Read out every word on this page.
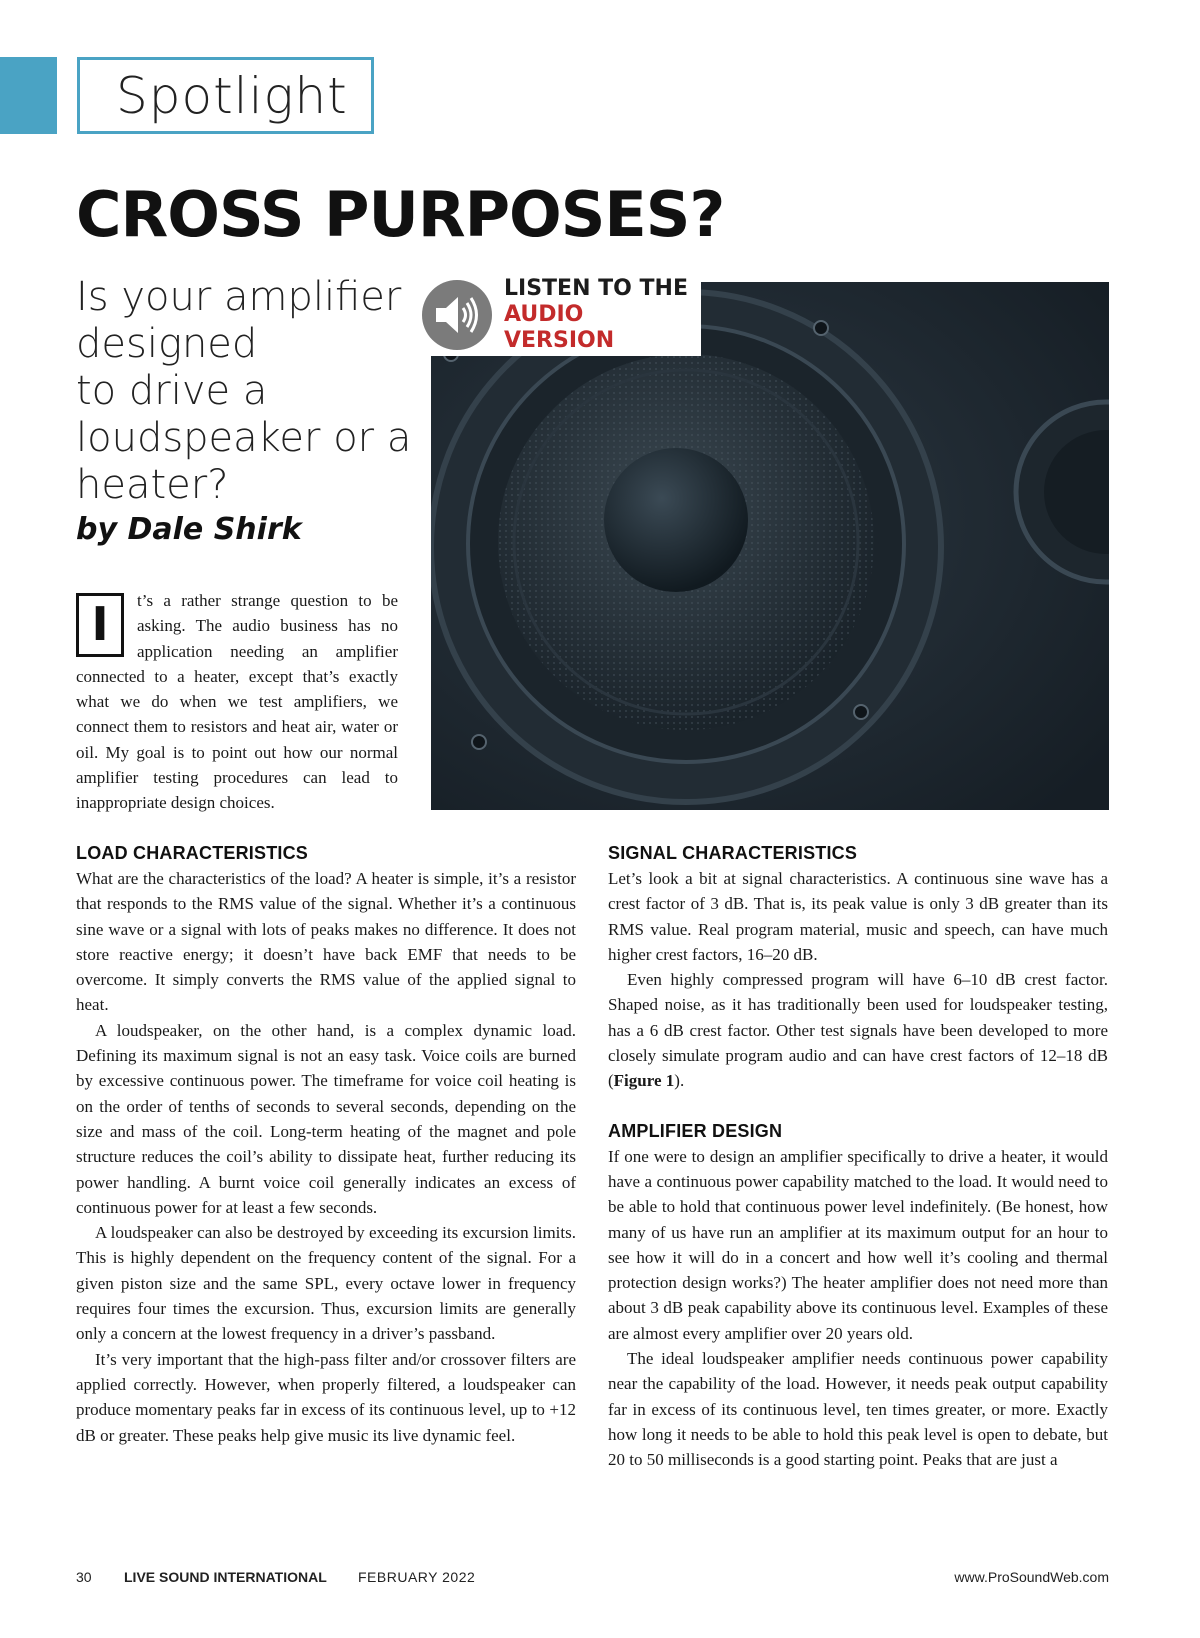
Spotlight
CROSS PURPOSES?
Is your amplifier
designed
to drive a
loudspeaker or a
heater?
by Dale Shirk
I	t’s a rather strange question to be asking. The audio business has no application needing an amplifier connected to a heater, except that’s exactly what we do when we test amplifiers, we connect them to resistors and heat air, water or oil. My goal is to point out how our normal amplifier testing procedures can lead to inappropriate design choices.
LISTEN TO THE
AUDIO VERSION
LOAD CHARACTERISTICS

What are the characteristics of the load? A heater is simple, it’s a resistor that responds to the RMS value of the signal. Whether it’s a continuous sine wave or a signal with lots of peaks makes no difference. It does not store reactive energy; it doesn’t have back EMF that needs to be overcome. It simply converts the RMS value of the applied signal to heat.

A loudspeaker, on the other hand, is a complex dynamic load. Defining its maximum signal is not an easy task. Voice coils are burned by excessive continuous power. The timeframe for voice coil heating is on the order of tenths of seconds to several seconds, depending on the size and mass of the coil. Long-term heating of the magnet and pole structure reduces the coil’s ability to dissipate heat, further reducing its power handling. A burnt voice coil generally indicates an excess of continuous power for at least a few seconds.

A loudspeaker can also be destroyed by exceeding its excursion limits. This is highly dependent on the frequency content of the signal. For a given piston size and the same SPL, every octave lower in frequency requires four times the excursion. Thus, excursion limits are generally only a concern at the lowest frequency in a driver’s passband.

It’s very important that the high-pass filter and/or crossover filters are applied correctly. However, when properly filtered, a loudspeaker can produce momentary peaks far in excess of its continuous level, up to +12 dB or greater. These peaks help give music its live dynamic feel.

SIGNAL CHARACTERISTICS

Let’s look a bit at signal characteristics. A continuous sine wave has a crest factor of 3 dB. That is, its peak value is only 3 dB greater than its RMS value. Real program material, music and speech, can have much higher crest factors, 16–20 dB.

Even highly compressed program will have 6–10 dB crest factor. Shaped noise, as it has traditionally been used for loudspeaker testing, has a 6 dB crest factor. Other test signals have been developed to more closely simulate program audio and can have crest factors of 12–18 dB (Figure 1).

AMPLIFIER DESIGN

If one were to design an amplifier specifically to drive a heater, it would have a continuous power capability matched to the load. It would need to be able to hold that continuous power level indefinitely. (Be honest, how many of us have run an amplifier at its maximum output for an hour to see how it will do in a concert and how well it’s cooling and thermal protection design works?) The heater amplifier does not need more than about 3 dB peak capability above its continuous level. Examples of these are almost every amplifier over 20 years old.

The ideal loudspeaker amplifier needs continuous power capability near the capability of the load. However, it needs peak output capability far in excess of its continuous level, ten times greater, or more. Exactly how long it needs to be able to hold this peak level is open to debate, but 20 to 50 milliseconds is a good starting point. Peaks that are just a

30 LIVE SOUND INTERNATIONAL FEBRUARY 2022	www.ProSoundWeb.com
